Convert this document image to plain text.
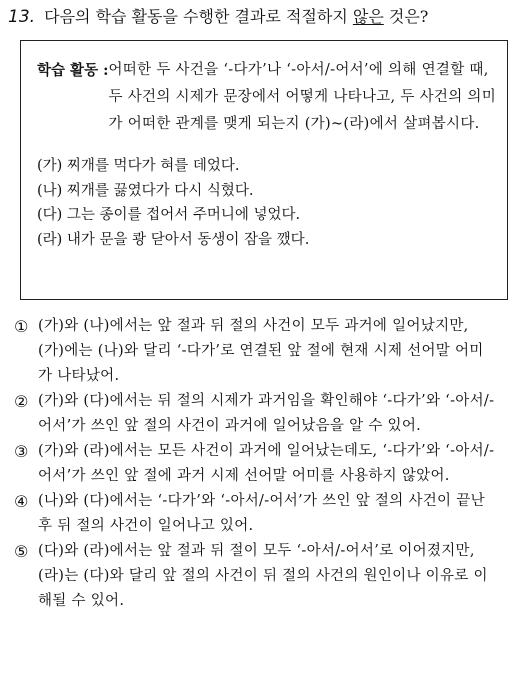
13. 다음의 학습 활동을 수행한 결과로 적절하지 않은 것은?
학습 활동 : 어떠한 두 사건을 ‘-다가’나 ‘-아서/-어서’에 의해 연결할 때, 두 사건의 시제가 문장에서 어떻게 나타나고, 두 사건의 의미가 어떠한 관계를 맺게 되는지 (가)~(라)에서 살펴봅시다.
(가) 찌개를 먹다가 혀를 데었다.
(나) 찌개를 끓였다가 다시 식혔다.
(다) 그는 종이를 접어서 주머니에 넣었다.
(라) 내가 문을 쾅 닫아서 동생이 잠을 깼다.
① (가)와 (나)에서는 앞 절과 뒤 절의 사건이 모두 과거에 일어났지만, (가)에는 (나)와 달리 ‘-다가’로 연결된 앞 절에 현재 시제 선어말 어미가 나타났어.
② (가)와 (다)에서는 뒤 절의 시제가 과거임을 확인해야 ‘-다가’와 ‘-아서/-어서’가 쓰인 앞 절의 사건이 과거에 일어났음을 알 수 있어.
③ (가)와 (라)에서는 모든 사건이 과거에 일어났는데도, ‘-다가’와 ‘-아서/-어서’가 쓰인 앞 절에 과거 시제 선어말 어미를 사용하지 않았어.
④ (나)와 (다)에서는 ‘-다가’와 ‘-아서/-어서’가 쓰인 앞 절의 사건이 끝난 후 뒤 절의 사건이 일어나고 있어.
⑤ (다)와 (라)에서는 앞 절과 뒤 절이 모두 ‘-아서/-어서’로 이어졌지만, (라)는 (다)와 달리 앞 절의 사건이 뒤 절의 사건의 원인이나 이유로 이해될 수 있어.
